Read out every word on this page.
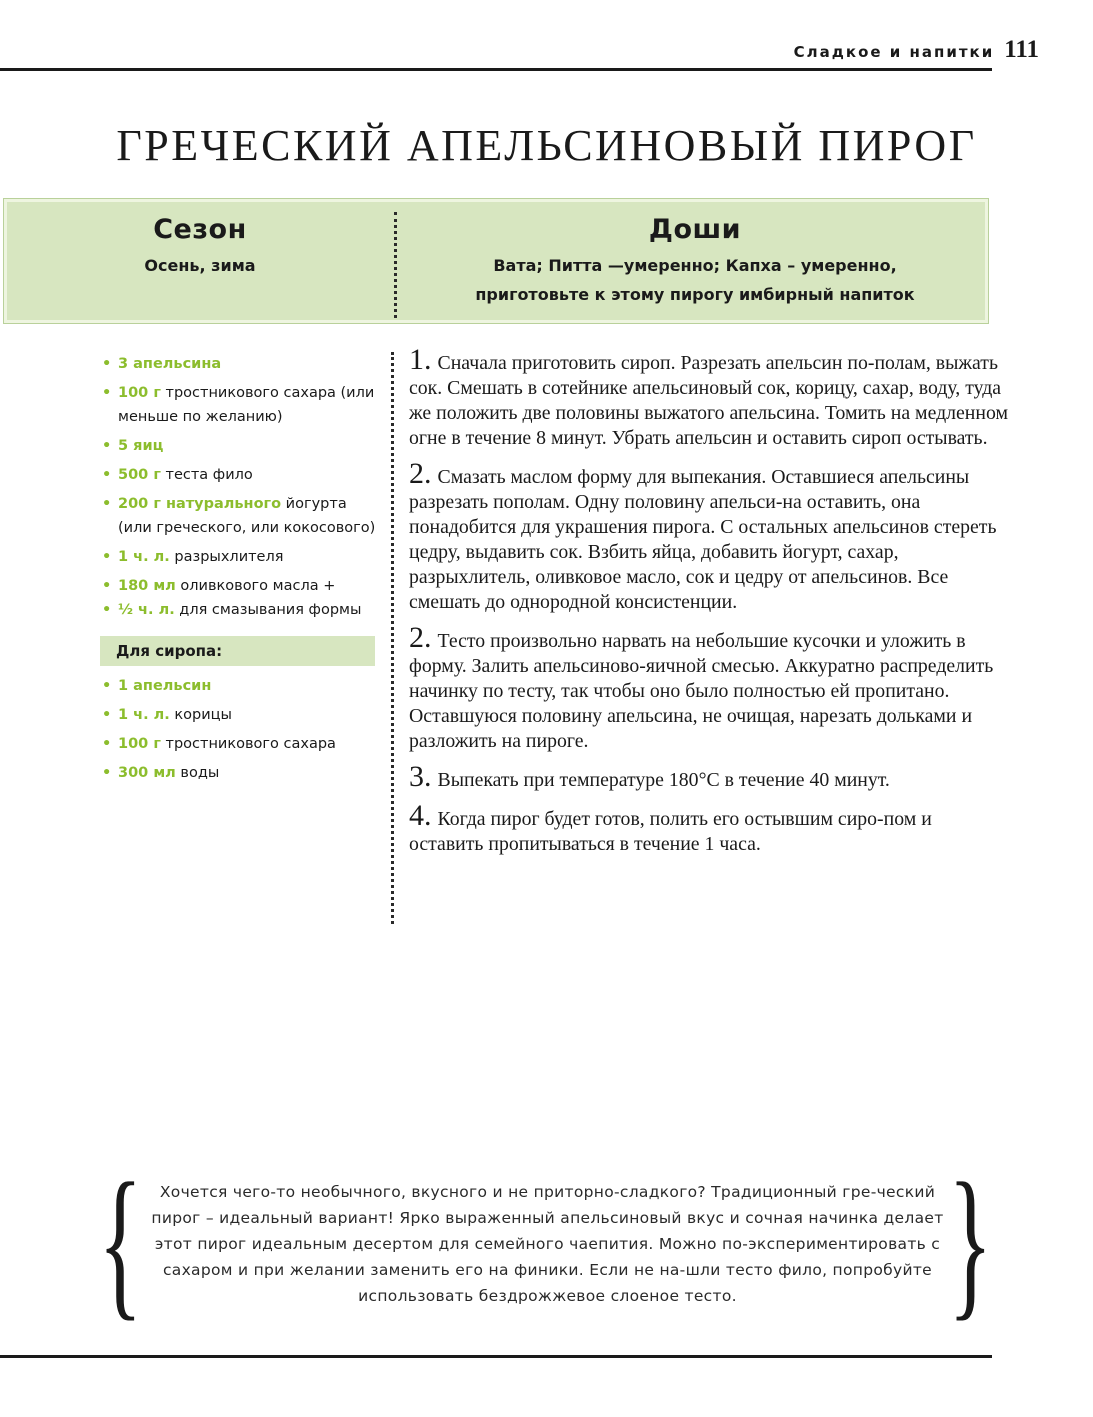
Сладкое и напитки 111
ГРЕЧЕСКИЙ АПЕЛЬСИНОВЫЙ ПИРОГ
Сезон
Осень, зима
Доши
Вата; Питта —умеренно; Капха – умеренно, приготовьте к этому пирогу имбирный напиток
• 3 апельсина
• 100 г тростникового сахара (или меньше по желанию)
• 5 яиц
• 500 г теста фило
• 200 г натурального йогурта (или греческого, или кокосового)
• 1 ч. л. разрыхлителя
• 180 мл оливкового масла +
• ½ ч. л. для смазывания формы
Для сиропа:
• 1 апельсин
• 1 ч. л. корицы
• 100 г тростникового сахара
• 300 мл воды

1. Сначала приготовить сироп. Разрезать апельсин по-полам, выжать сок. Смешать в сотейнике апельсиновый сок, корицу, сахар, воду, туда же положить две половины выжатого апельсина. Томить на медленном огне в течение 8 минут. Убрать апельсин и оставить сироп остывать.

2. Смазать маслом форму для выпекания. Оставшиеся апельсины разрезать пополам. Одну половину апельси-на оставить, она понадобится для украшения пирога. С остальных апельсинов стереть цедру, выдавить сок. Взбить яйца, добавить йогурт, сахар, разрыхлитель, оливковое масло, сок и цедру от апельсинов. Все смешать до однородной консистенции.

2. Тесто произвольно нарвать на небольшие кусочки и уложить в форму. Залить апельсиново-яичной смесью. Аккуратно распределить начинку по тесту, так чтобы оно было полностью ей пропитано. Оставшуюся половину апельсина, не очищая, нарезать дольками и разложить на пироге.

3. Выпекать при температуре 180°С в течение 40 минут.

4. Когда пирог будет готов, полить его остывшим сиро-пом и оставить пропитываться в течение 1 часа.

{	Хочется чего-то необычного, вкусного и не приторно-сладкого? Традиционный гре-ческий пирог – идеальный вариант! Ярко выраженный апельсиновый вкус и сочная начинка делает этот пирог идеальным десертом для семейного чаепития. Можно по-экспериментировать с сахаром и при желании заменить его на финики. Если не на-шли тесто фило, попробуйте использовать бездрожжевое слоеное тесто.	}
